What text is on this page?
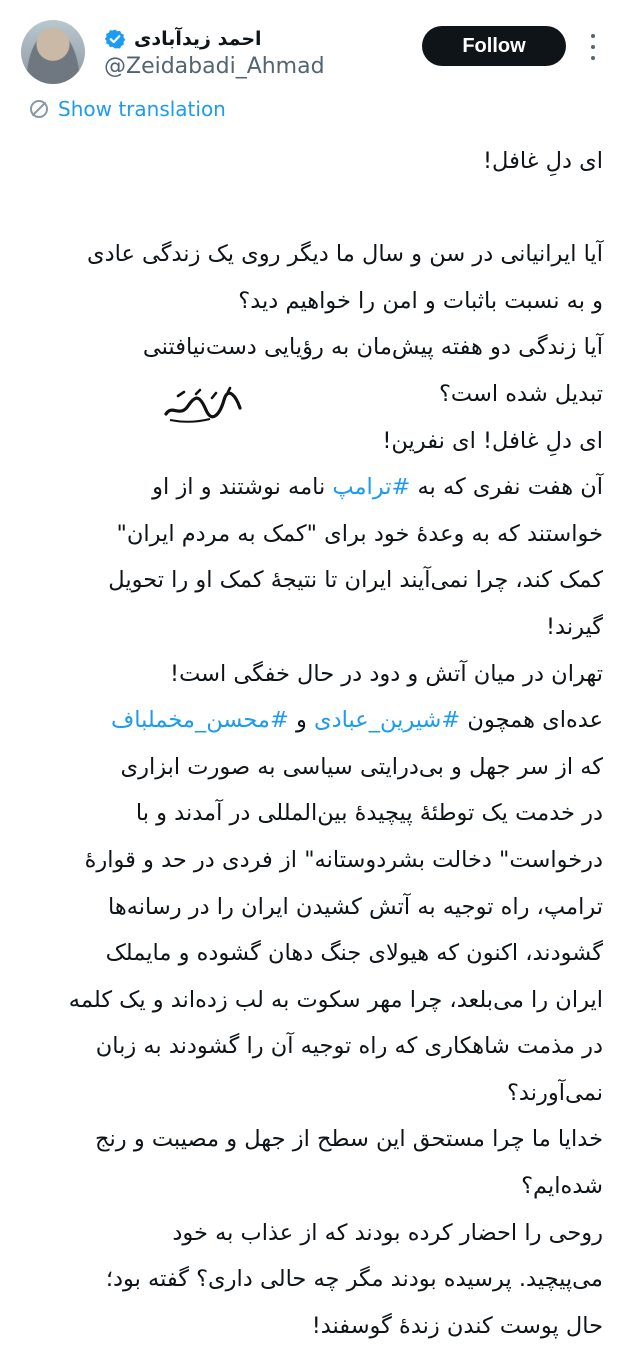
احمد زیدآبادی
@Zeidabadi_Ahmad
Follow
Show translation
ای دلِ غافل!
آیا ایرانیانی در سن و سال ما دیگر روی یک زندگی عادی
و به نسبت باثبات و امن را خواهیم دید؟
آیا زندگی دو هفته پیش‌مان به رؤیایی دست‌نیافتنی
تبدیل شده است؟
ای دلِ غافل! ای نفرین!
آن هفت نفری که به #ترامپ نامه نوشتند و از او
خواستند که به وعدهٔ خود برای "کمک به مردم ایران"
کمک کند، چرا نمی‌آیند ایران تا نتیجهٔ کمک او را تحویل
گیرند!
تهران در میان آتش و دود در حال خفگی است!
عده‌ای همچون #شیرین_عبادی و #محسن_مخملباف
که از سر جهل و بی‌درایتی سیاسی به صورت ابزاری
در خدمت یک توطئهٔ پیچیدهٔ بین‌المللی در آمدند و با
درخواست" دخالت بشردوستانه" از فردی در حد و قوارهٔ
ترامپ، راه توجیه به آتش کشیدن ایران را در رسانه‌ها
گشودند، اکنون که هیولای جنگ دهان گشوده و مایملک
ایران را می‌بلعد، چرا مهر سکوت به لب زده‌اند و یک کلمه
در مذمت شاهکاری که راه توجیه آن را گشودند به زبان
نمی‌آورند؟
خدایا ما چرا مستحق این سطح از جهل و مصیبت و رنج
شده‌ایم؟
روحی را احضار کرده بودند که از عذاب به خود
می‌پیچید. پرسیده بودند مگر چه حالی داری؟ گفته بود؛
حال پوست کندن زندهٔ گوسفند!
